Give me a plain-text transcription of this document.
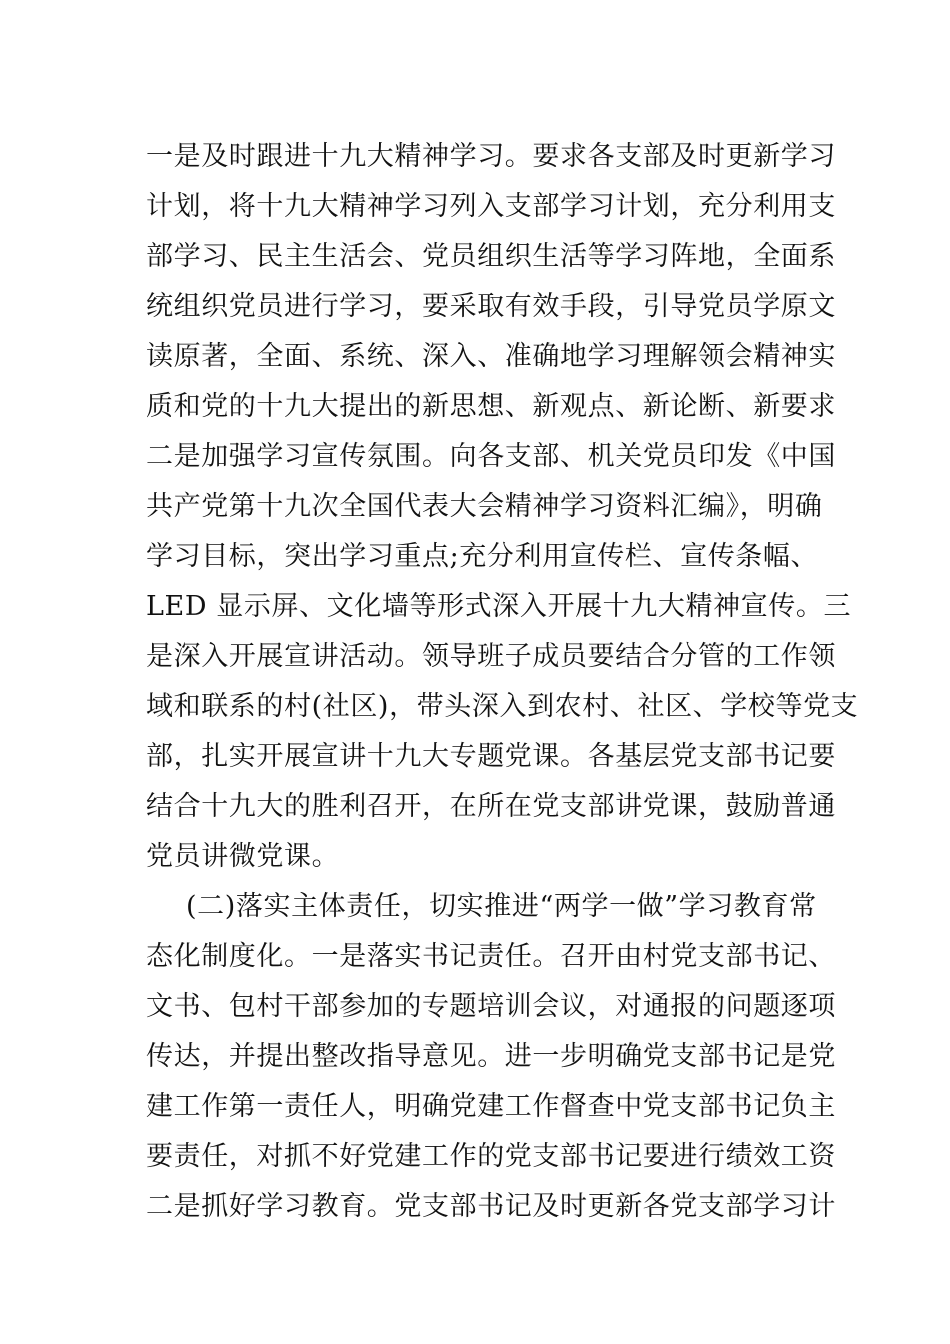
一是及时跟进十九大精神学习。要求各支部及时更新学习
计划，将十九大精神学习列入支部学习计划，充分利用支
部学习、民主生活会、党员组织生活等学习阵地，全面系
统组织党员进行学习，要采取有效手段，引导党员学原文
读原著，全面、系统、深入、准确地学习理解领会精神实
质和党的十九大提出的新思想、新观点、新论断、新要求
二是加强学习宣传氛围。向各支部、机关党员印发《中国
共产党第十九次全国代表大会精神学习资料汇编》，明确
学习目标，突出学习重点;充分利用宣传栏、宣传条幅、
LED 显示屏、文化墙等形式深入开展十九大精神宣传。三
是深入开展宣讲活动。领导班子成员要结合分管的工作领
域和联系的村(社区)，带头深入到农村、社区、学校等党支
部，扎实开展宣讲十九大专题党课。各基层党支部书记要
结合十九大的胜利召开，在所在党支部讲党课，鼓励普通
党员讲微党课。
(二)落实主体责任，切实推进“两学一做”学习教育常
态化制度化。一是落实书记责任。召开由村党支部书记、
文书、包村干部参加的专题培训会议，对通报的问题逐项
传达，并提出整改指导意见。进一步明确党支部书记是党
建工作第一责任人，明确党建工作督查中党支部书记负主
要责任，对抓不好党建工作的党支部书记要进行绩效工资
二是抓好学习教育。党支部书记及时更新各党支部学习计
